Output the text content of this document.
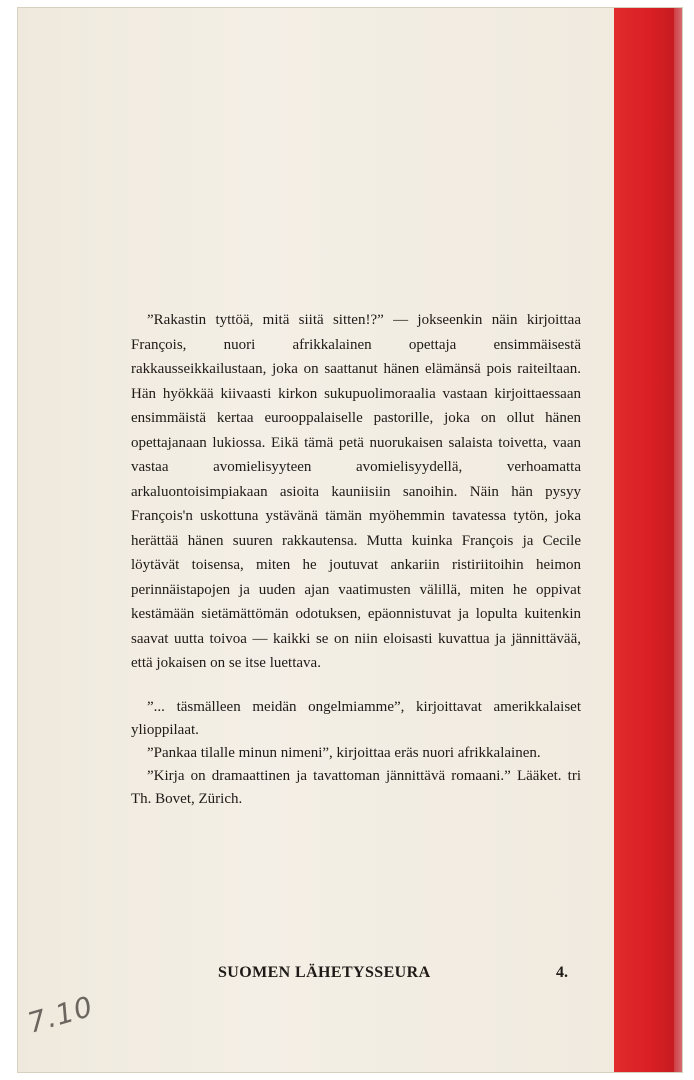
”Rakastin tyttöä, mitä siitä sitten!?” — jokseenkin näin kirjoittaa François, nuori afrikkalainen opettaja ensimmäisestä rakkausseikkailustaan, joka on saattanut hänen elämänsä pois raiteiltaan. Hän hyökkää kiivaasti kirkon sukupuolimoraalia vastaan kirjoittaessaan ensimmäistä kertaa eurooppalaiselle pastorille, joka on ollut hänen opettajanaan lukiossa. Eikä tämä petä nuorukaisen salaista toivetta, vaan vastaa avomielisyyteen avomielisyydellä, verhoamatta arkaluontoisimpiakaan asioita kauniisiin sanoihin. Näin hän pysyy François'n uskottuna ystävänä tämän myöhemmin tavatessa tytön, joka herättää hänen suuren rakkautensa. Mutta kuinka François ja Cecile löytävät toisensa, miten he joutuvat ankariin ristiriitoihin heimon perinnäistapojen ja uuden ajan vaatimusten välillä, miten he oppivat kestämään sietämättömän odotuksen, epäonnistuvat ja lopulta kuitenkin saavat uutta toivoa — kaikki se on niin eloisasti kuvattua ja jännittävää, että jokaisen on se itse luettava.

”... täsmälleen meidän ongelmiamme”, kirjoittavat amerikkalaiset ylioppilaat.

”Pankaa tilalle minun nimeni”, kirjoittaa eräs nuori afrikkalainen.

”Kirja on dramaattinen ja tavattoman jännittävä romaani.” Lääket. tri Th. Bovet, Zürich.

SUOMEN LÄHETYSSEURA	4.
7.10
